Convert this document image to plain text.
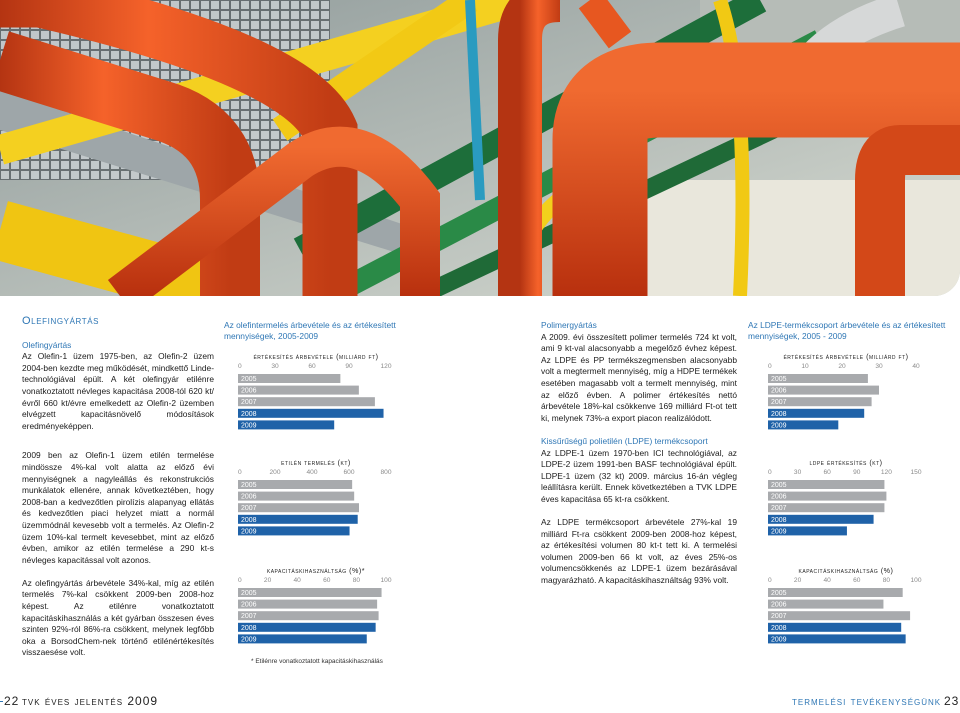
Olefingyártás
Olefingyártás

Az Olefin-1 üzem 1975-ben, az Olefin-2 üzem 2004-ben kezdte meg működését, mindkettő Linde-technológiával épült. A két olefingyár etilénre vonatkoztatott névleges kapacitása 2008-tól 620 kt/évről 660 kt/évre emelkedett az Olefin-2 üzemben elvégzett kapacitásnövelő módosítások eredményeképpen.

2009 ben az Olefin-1 üzem etilén termelése mindössze 4%-kal volt alatta az előző évi mennyiségnek a nagyleállás és rekonstrukciós munkálatok ellenére, annak következtében, hogy 2008-ban a kedvezőtlen pirolízis alapanyag ellátás és kedvezőtlen piaci helyzet miatt a normál üzemmódnál kevesebb volt a termelés. Az Olefin-2 üzem 10%-kal termelt kevesebbet, mint az előző évben, amikor az etilén termelése a 290 kt-s névleges kapacitással volt azonos.

Az olefingyártás árbevétele 34%-kal, míg az etilén termelés 7%-kal csökkent 2009-ben 2008-hoz képest. Az etilénre vonatkoztatott kapacitáskihasználás a két gyárban összesen éves szinten 92%-ról 86%-ra csökkent, melynek legfőbb oka a BorsodChem-nek történő etilénértékesítés visszaesése volt.

Az olefintermelés árbevétele és az értékesített mennyiségek, 2005-2009
értékesítés árbevétele (milliárd ft)
0	30	60	90	120
2005
2006
2007
2008
2009
etilén termelés (kt)
0	200	400	600	800
2005
2006
2007
2008
2009
kapacitáskihasználtság (%)*
0	20	40	60	80	100
2005
2006
2007
2008
2009
* Etilénre vonatkoztatott kapacitáskihasználás
Polimergyártás

A 2009. évi összesített polimer termelés 724 kt volt, ami 9 kt-val alacsonyabb a megelőző évhez képest. Az LDPE és PP termékszegmensben alacsonyabb volt a megtermelt mennyiség, míg a HDPE termékek esetében magasabb volt a termelt mennyiség, mint az előző évben. A polimer értékesítés nettó árbevétele 18%-kal csökkenve 169 milliárd Ft-ot tett ki, melynek 73%-a export piacon realizálódott.

Kissűrűségű polietilén (LDPE) termékcsoport

Az LDPE-1 üzem 1970-ben ICI technológiával, az LDPE-2 üzem 1991-ben BASF technológiával épült. LDPE-1 üzem (32 kt) 2009. március 16-án végleg leállításra került. Ennek következtében a TVK LDPE éves kapacitása 65 kt-ra csökkent.

Az LDPE termékcsoport árbevétele 27%-kal 19 milliárd Ft-ra csökkent 2009-ben 2008-hoz képest, az értékesítési volumen 80 kt-t tett ki. A termelési volumen 2009-ben 66 kt volt, az éves 25%-os volumencsökkenés az LDPE-1 üzem bezárásával magyarázható. A kapacitáskihasználtság 93% volt.

Az LDPE-termékcsoport árbevétele és az értékesített mennyiségek, 2005 - 2009
értékesítés árbevétele (milliárd ft)
0	10	20	30	40
2005
2006
2007
2008
2009
ldpe értékesítés (kt)
0	30	60	90	120	150
2005
2006
2007
2008
2009
kapacitáskihasználtság (%)
0	20	40	60	80	100
2005
2006
2007
2008
2009
22 tvk éves jelentés 2009	termelési tevékenységünk 23
